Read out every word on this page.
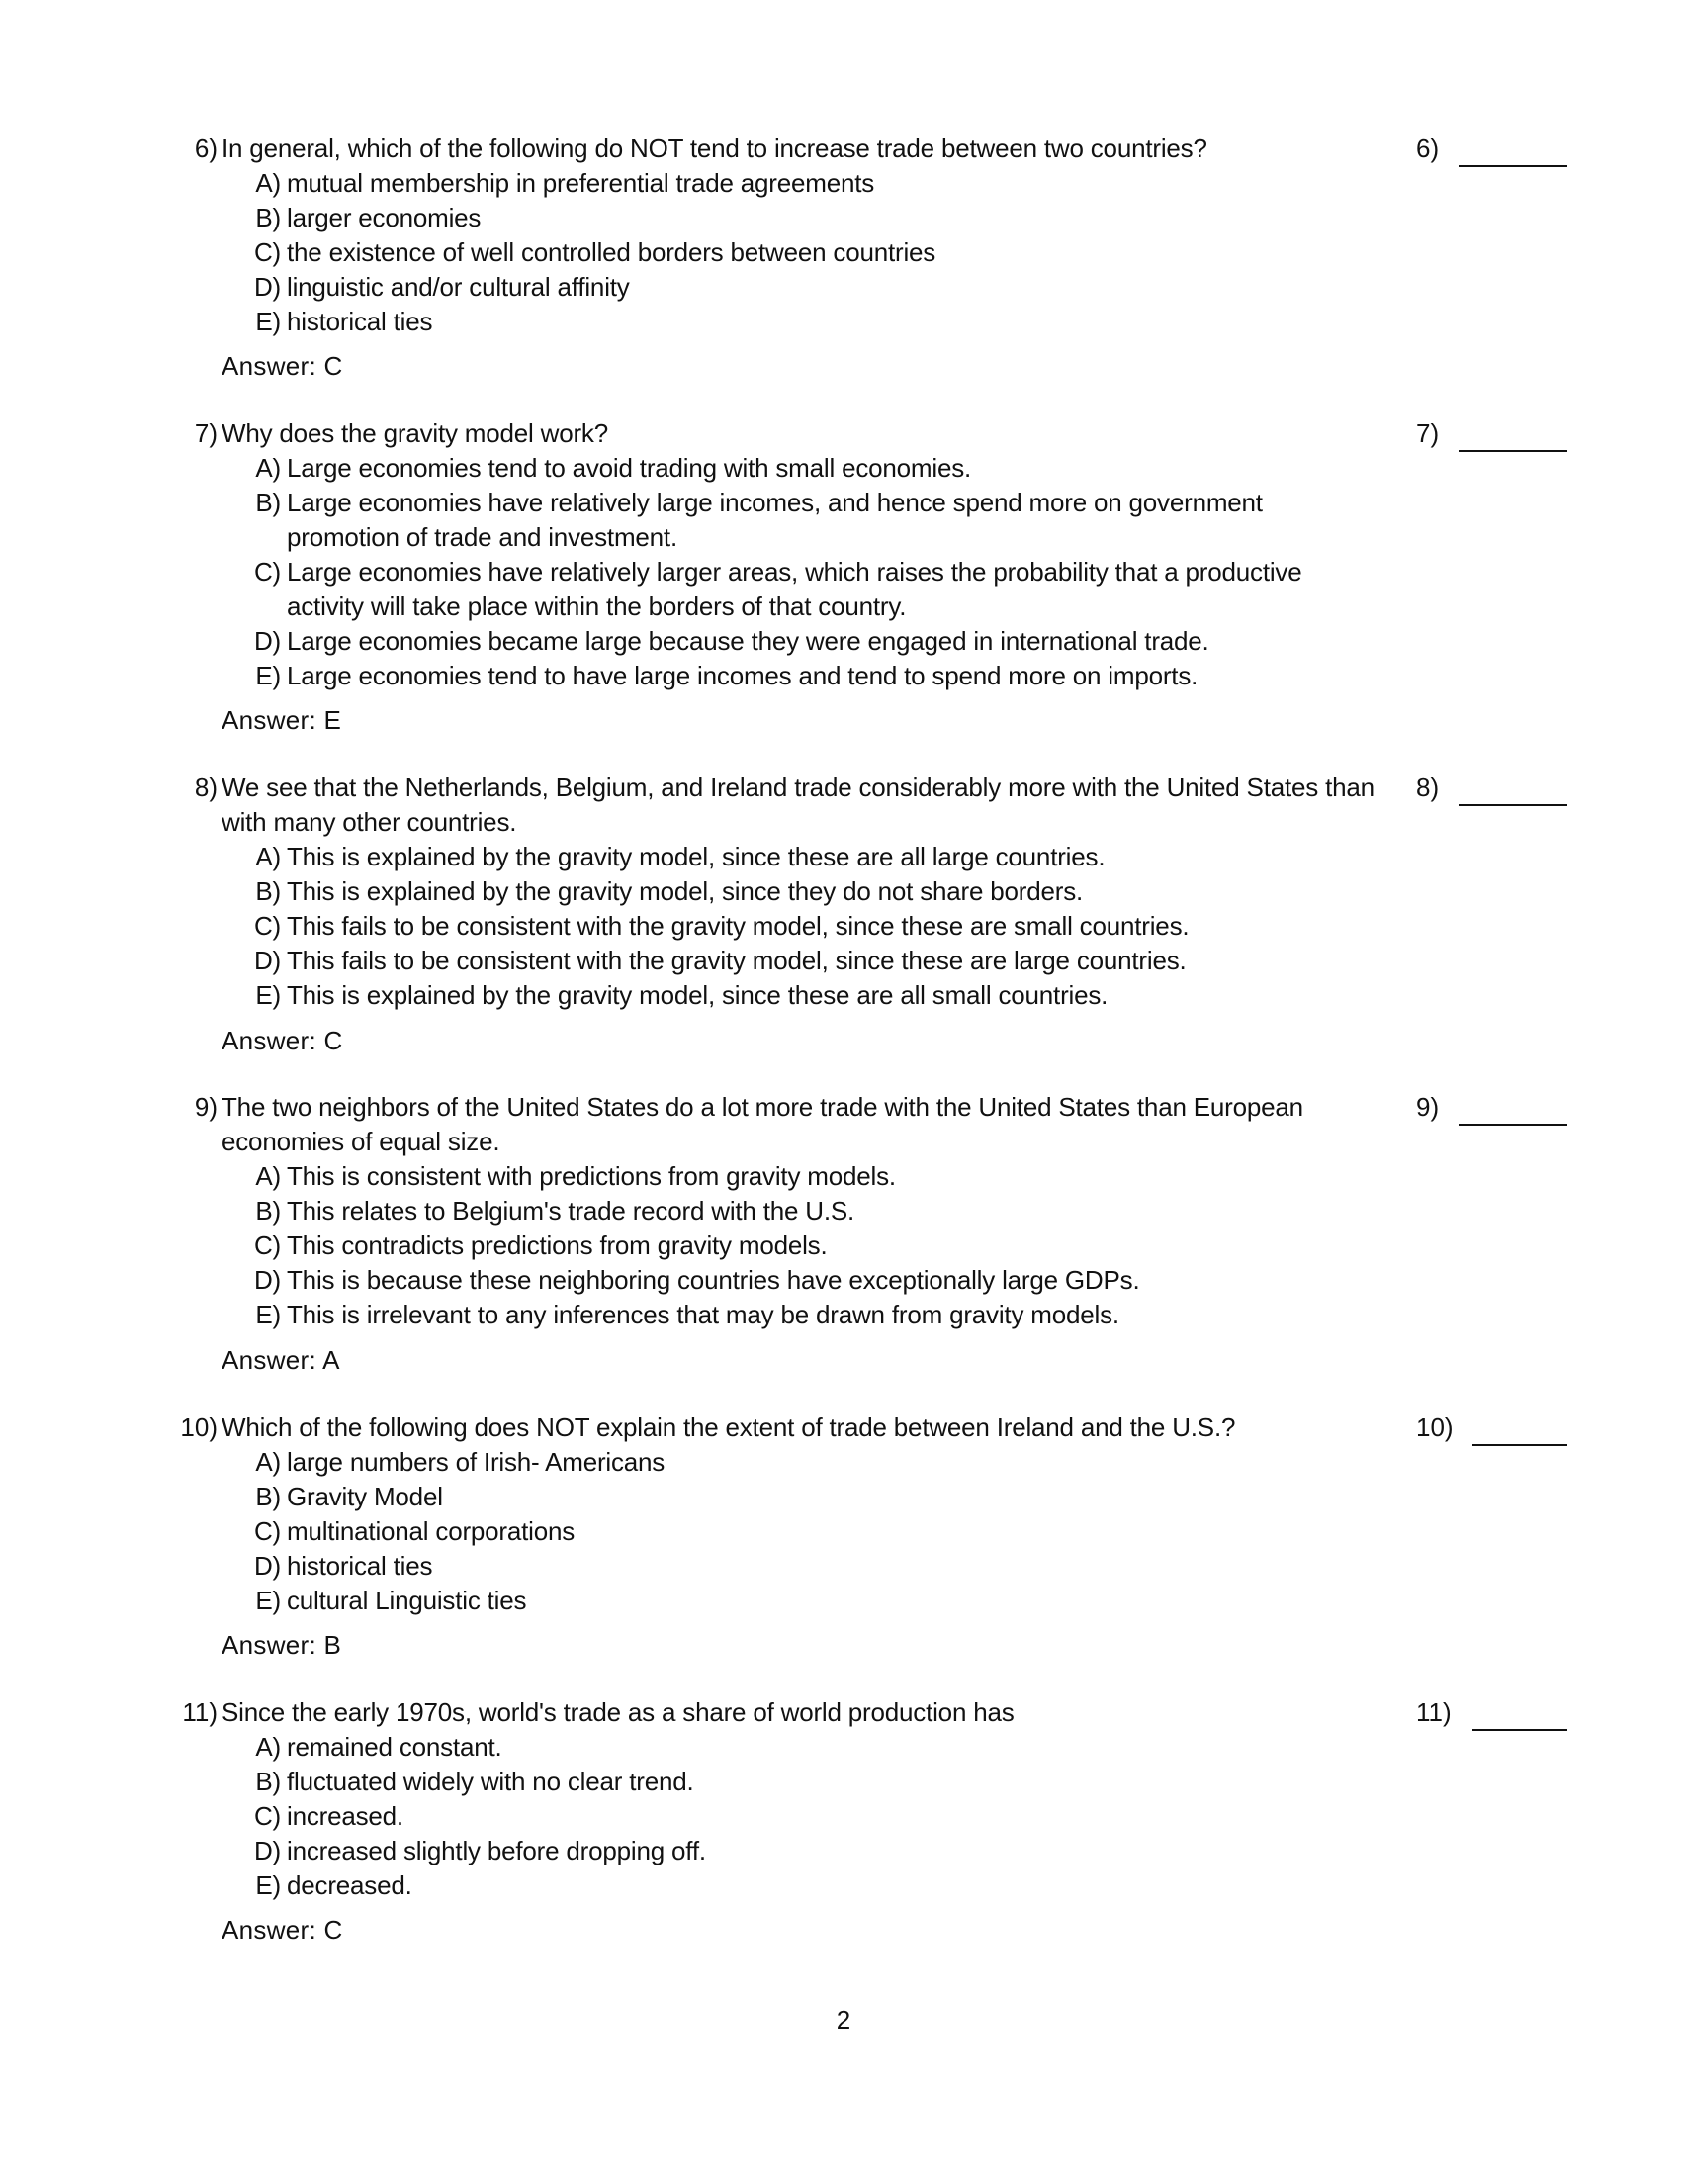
6) In general, which of the following do NOT tend to increase trade between two countries?
A) mutual membership in preferential trade agreements
B) larger economies
C) the existence of well controlled borders between countries
D) linguistic and/or cultural affinity
E) historical ties
Answer: C
6)
7) Why does the gravity model work?
A) Large economies tend to avoid trading with small economies.
B) Large economies have relatively large incomes, and hence spend more on government promotion of trade and investment.
C) Large economies have relatively larger areas, which raises the probability that a productive activity will take place within the borders of that country.
D) Large economies became large because they were engaged in international trade.
E) Large economies tend to have large incomes and tend to spend more on imports.
Answer: E
7)
8) We see that the Netherlands, Belgium, and Ireland trade considerably more with the United States than with many other countries.
A) This is explained by the gravity model, since these are all large countries.
B) This is explained by the gravity model, since they do not share borders.
C) This fails to be consistent with the gravity model, since these are small countries.
D) This fails to be consistent with the gravity model, since these are large countries.
E) This is explained by the gravity model, since these are all small countries.
Answer: C
8)
9) The two neighbors of the United States do a lot more trade with the United States than European economies of equal size.
A) This is consistent with predictions from gravity models.
B) This relates to Belgium's trade record with the U.S.
C) This contradicts predictions from gravity models.
D) This is because these neighboring countries have exceptionally large GDPs.
E) This is irrelevant to any inferences that may be drawn from gravity models.
Answer: A
9)
10) Which of the following does NOT explain the extent of trade between Ireland and the U.S.?
A) large numbers of Irish- Americans
B) Gravity Model
C) multinational corporations
D) historical ties
E) cultural Linguistic ties
Answer: B
10)
11) Since the early 1970s, world's trade as a share of world production has
A) remained constant.
B) fluctuated widely with no clear trend.
C) increased.
D) increased slightly before dropping off.
E) decreased.
Answer: C
11)
2
